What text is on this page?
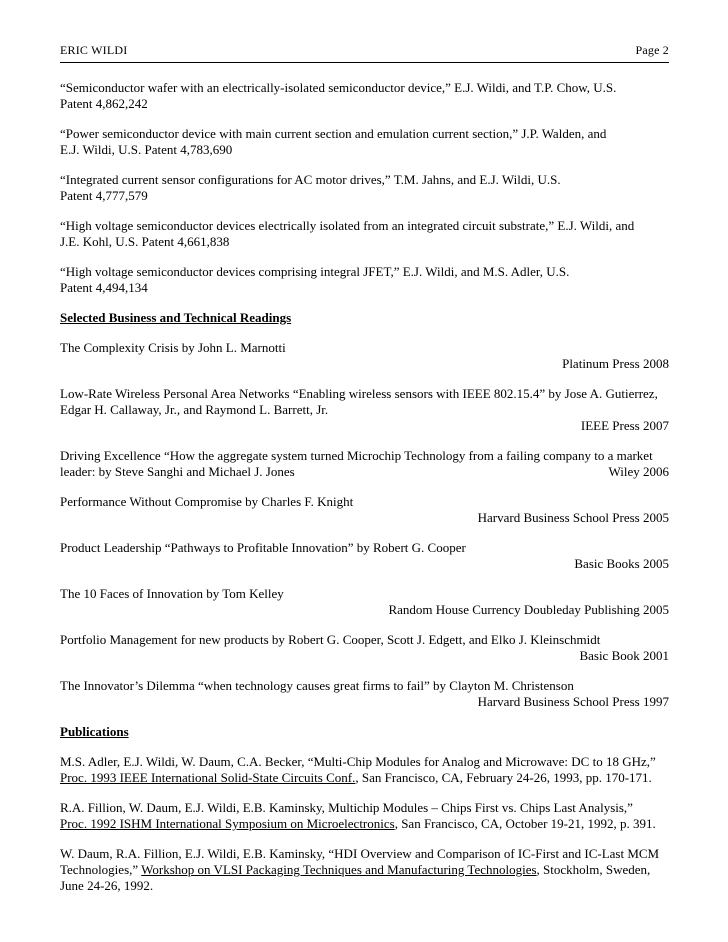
ERIC WILDI	Page 2
“Semiconductor wafer with an electrically-isolated semiconductor device,” E.J. Wildi, and T.P. Chow, U.S.
Patent 4,862,242
“Power semiconductor device with main current section and emulation current section,” J.P. Walden, and
E.J. Wildi, U.S. Patent 4,783,690
“Integrated current sensor configurations for AC motor drives,” T.M. Jahns, and E.J. Wildi, U.S.
Patent 4,777,579
“High voltage semiconductor devices electrically isolated from an integrated circuit substrate,” E.J. Wildi, and
J.E. Kohl, U.S. Patent 4,661,838
“High voltage semiconductor devices comprising integral JFET,” E.J. Wildi, and M.S. Adler, U.S.
Patent 4,494,134
Selected Business and Technical Readings
The Complexity Crisis by John L. Marnotti
Platinum Press 2008
Low-Rate Wireless Personal Area Networks “Enabling wireless sensors with IEEE 802.15.4” by Jose A. Gutierrez,
Edgar H. Callaway, Jr., and Raymond L. Barrett, Jr.
IEEE Press 2007
Driving Excellence “How the aggregate system turned Microchip Technology from a failing company to a market
leader: by Steve Sanghi and Michael J. Jones	Wiley 2006
Performance Without Compromise by Charles F. Knight
Harvard Business School Press 2005
Product Leadership “Pathways to Profitable Innovation” by Robert G. Cooper
Basic Books 2005
The 10 Faces of Innovation by Tom Kelley
Random House Currency Doubleday Publishing 2005
Portfolio Management for new products by Robert G. Cooper, Scott J. Edgett, and Elko J. Kleinschmidt
Basic Book 2001
The Innovator’s Dilemma “when technology causes great firms to fail” by Clayton M. Christenson
Harvard Business School Press 1997
Publications
M.S. Adler, E.J. Wildi, W. Daum, C.A. Becker, “Multi-Chip Modules for Analog and Microwave: DC to 18 GHz,”
Proc. 1993 IEEE International Solid-State Circuits Conf., San Francisco, CA, February 24-26, 1993, pp. 170-171.
R.A. Fillion, W. Daum, E.J. Wildi, E.B. Kaminsky, Multichip Modules – Chips First vs. Chips Last Analysis,”
Proc. 1992 ISHM International Symposium on Microelectronics, San Francisco, CA, October 19-21, 1992, p. 391.
W. Daum, R.A. Fillion, E.J. Wildi, E.B. Kaminsky, “HDI Overview and Comparison of IC-First and IC-Last MCM
Technologies,” Workshop on VLSI Packaging Techniques and Manufacturing Technologies, Stockholm, Sweden,
June 24-26, 1992.
